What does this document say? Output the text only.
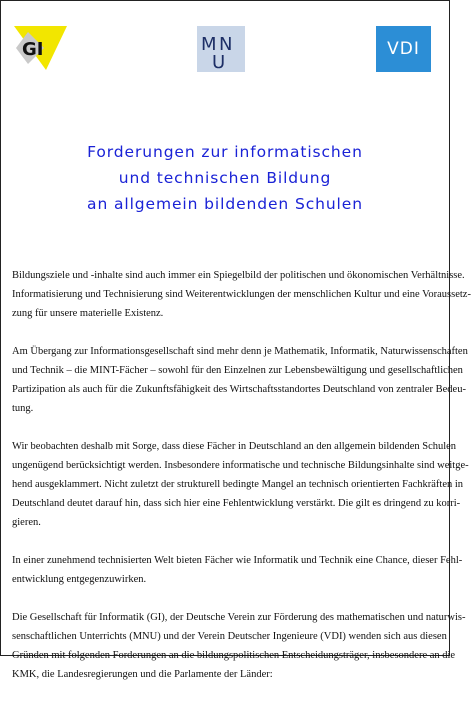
GI	M N
U
VDI
Forderungen zur informatischen
und technischen Bildung
an allgemein bildenden Schulen
Bildungsziele und -inhalte sind auch immer ein Spiegelbild der politischen und ökonomischen Verhältnisse.
Informatisierung und Technisierung sind Weiterentwicklungen der menschlichen Kultur und eine Voraussetz-
zung für unsere materielle Existenz.
Am Übergang zur Informationsgesellschaft sind mehr denn je Mathematik, Informatik, Naturwissenschaften
und Technik – die MINT-Fächer – sowohl für den Einzelnen zur Lebensbewältigung und gesellschaftlichen
Partizipation als auch für die Zukunftsfähigkeit des Wirtschaftsstandortes Deutschland von zentraler Bedeu-
tung.
Wir beobachten deshalb mit Sorge, dass diese Fächer in Deutschland an den allgemein bildenden Schulen
ungenügend berücksichtigt werden. Insbesondere informatische und technische Bildungsinhalte sind weitge-
hend ausgeklammert. Nicht zuletzt der strukturell bedingte Mangel an technisch orientierten Fachkräften in
Deutschland deutet darauf hin, dass sich hier eine Fehlentwicklung verstärkt. Die gilt es dringend zu korri-
gieren.
In einer zunehmend technisierten Welt bieten Fächer wie Informatik und Technik eine Chance, dieser Fehl-
entwicklung entgegenzuwirken.
Die Gesellschaft für Informatik (GI), der Deutsche Verein zur Förderung des mathematischen und naturwis-
senschaftlichen Unterrichts (MNU) und der Verein Deutscher Ingenieure (VDI) wenden sich aus diesen
Gründen mit folgenden Forderungen an die bildungspolitischen Entscheidungsträger, insbesondere an die
KMK, die Landesregierungen und die Parlamente der Länder:
